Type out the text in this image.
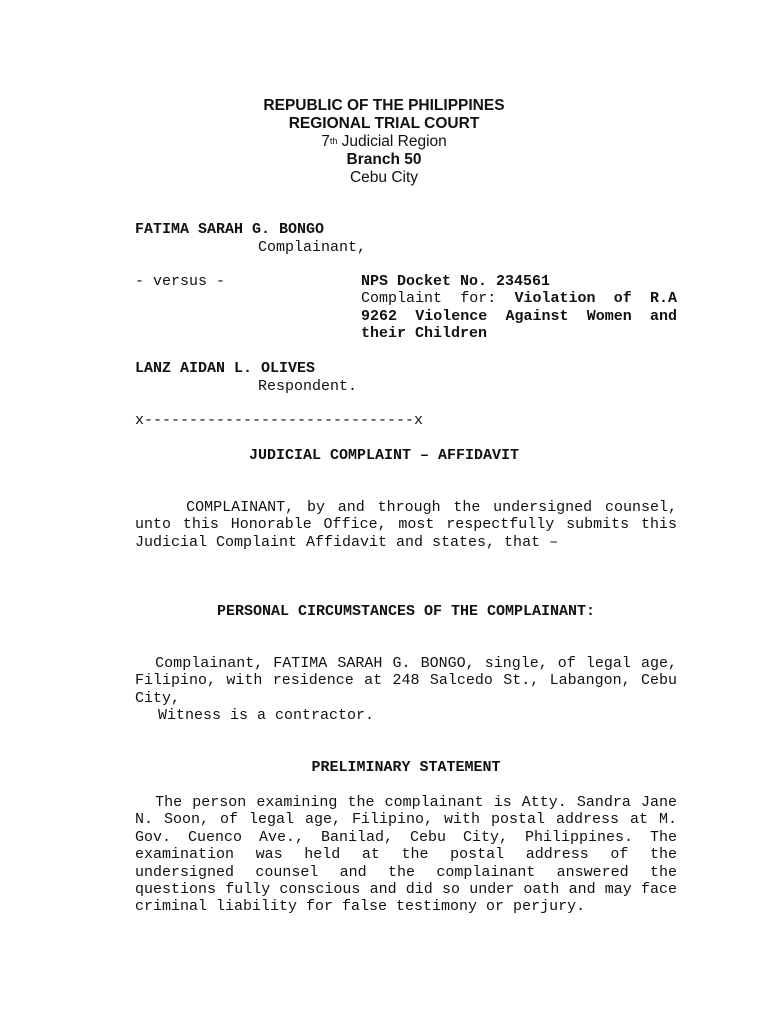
REPUBLIC OF THE PHILIPPINES
REGIONAL TRIAL COURT
7th Judicial Region
Branch 50
Cebu City
FATIMA SARAH G. BONGO
Complainant,
- versus -	NPS Docket No. 234561
Complaint for: Violation of R.A 9262 Violence Against Women and their Children
LANZ AIDAN L. OLIVES
Respondent.
x------------------------------x
JUDICIAL COMPLAINT – AFFIDAVIT
COMPLAINANT, by and through the undersigned counsel, unto this Honorable Office, most respectfully submits this Judicial Complaint Affidavit and states, that –
PERSONAL CIRCUMSTANCES OF THE COMPLAINANT:
Complainant, FATIMA SARAH G. BONGO, single, of legal age, Filipino, with residence at 248 Salcedo St., Labangon, Cebu City,
Witness is a contractor.
PRELIMINARY STATEMENT
The person examining the complainant is Atty. Sandra Jane N. Soon, of legal age, Filipino, with postal address at M. Gov. Cuenco Ave., Banilad, Cebu City, Philippines. The examination was held at the postal address of the undersigned counsel and the complainant answered the questions fully conscious and did so under oath and may face criminal liability for false testimony or perjury.
